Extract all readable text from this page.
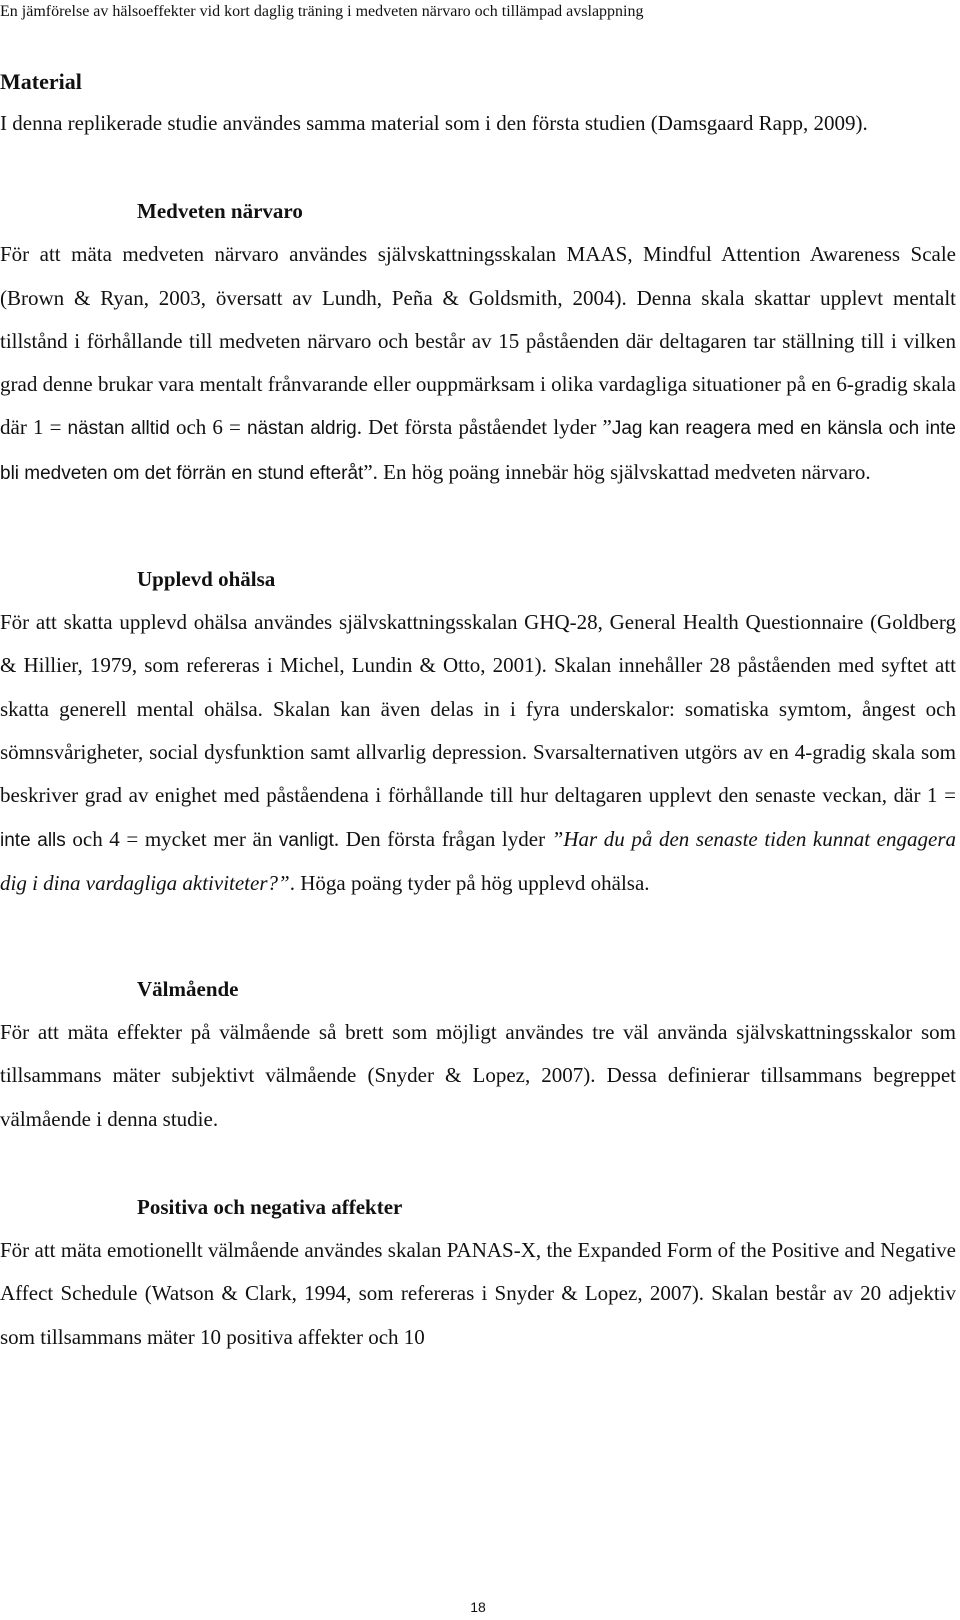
En jämförelse av hälsoeffekter vid kort daglig träning i medveten närvaro och tillämpad avslappning
Material

I denna replikerade studie användes samma material som i den första studien (Damsgaard Rapp, 2009).

Medveten närvaro

För att mäta medveten närvaro användes självskattningsskalan MAAS, Mindful Attention Awareness Scale (Brown & Ryan, 2003, översatt av Lundh, Peña & Goldsmith, 2004). Denna skala skattar upplevt mentalt tillstånd i förhållande till medveten närvaro och består av 15 påståenden där deltagaren tar ställning till i vilken grad denne brukar vara mentalt frånvarande eller ouppmärksam i olika vardagliga situationer på en 6-gradig skala där 1 = nästan alltid och 6 = nästan aldrig. Det första påståendet lyder ”Jag kan reagera med en känsla och inte bli medveten om det förrän en stund efteråt”. En hög poäng innebär hög självskattad medveten närvaro.

Upplevd ohälsa

För att skatta upplevd ohälsa användes självskattningsskalan GHQ-28, General Health Questionnaire (Goldberg & Hillier, 1979, som refereras i Michel, Lundin & Otto, 2001). Skalan innehåller 28 påståenden med syftet att skatta generell mental ohälsa. Skalan kan även delas in i fyra underskalor: somatiska symtom, ångest och sömnsvårigheter, social dysfunktion samt allvarlig depression. Svarsalternativen utgörs av en 4-gradig skala som beskriver grad av enighet med påståendena i förhållande till hur deltagaren upplevt den senaste veckan, där 1 = inte alls och 4 = mycket mer än vanligt. Den första frågan lyder ”Har du på den senaste tiden kunnat engagera dig i dina vardagliga aktiviteter?”. Höga poäng tyder på hög upplevd ohälsa.

Välmående

För att mäta effekter på välmående så brett som möjligt användes tre väl använda självskattningsskalor som tillsammans mäter subjektivt välmående (Snyder & Lopez, 2007). Dessa definierar tillsammans begreppet välmående i denna studie.

Positiva och negativa affekter

För att mäta emotionellt välmående användes skalan PANAS-X, the Expanded Form of the Positive and Negative Affect Schedule (Watson & Clark, 1994, som refereras i Snyder & Lopez, 2007). Skalan består av 20 adjektiv som tillsammans mäter 10 positiva affekter och 10

18
